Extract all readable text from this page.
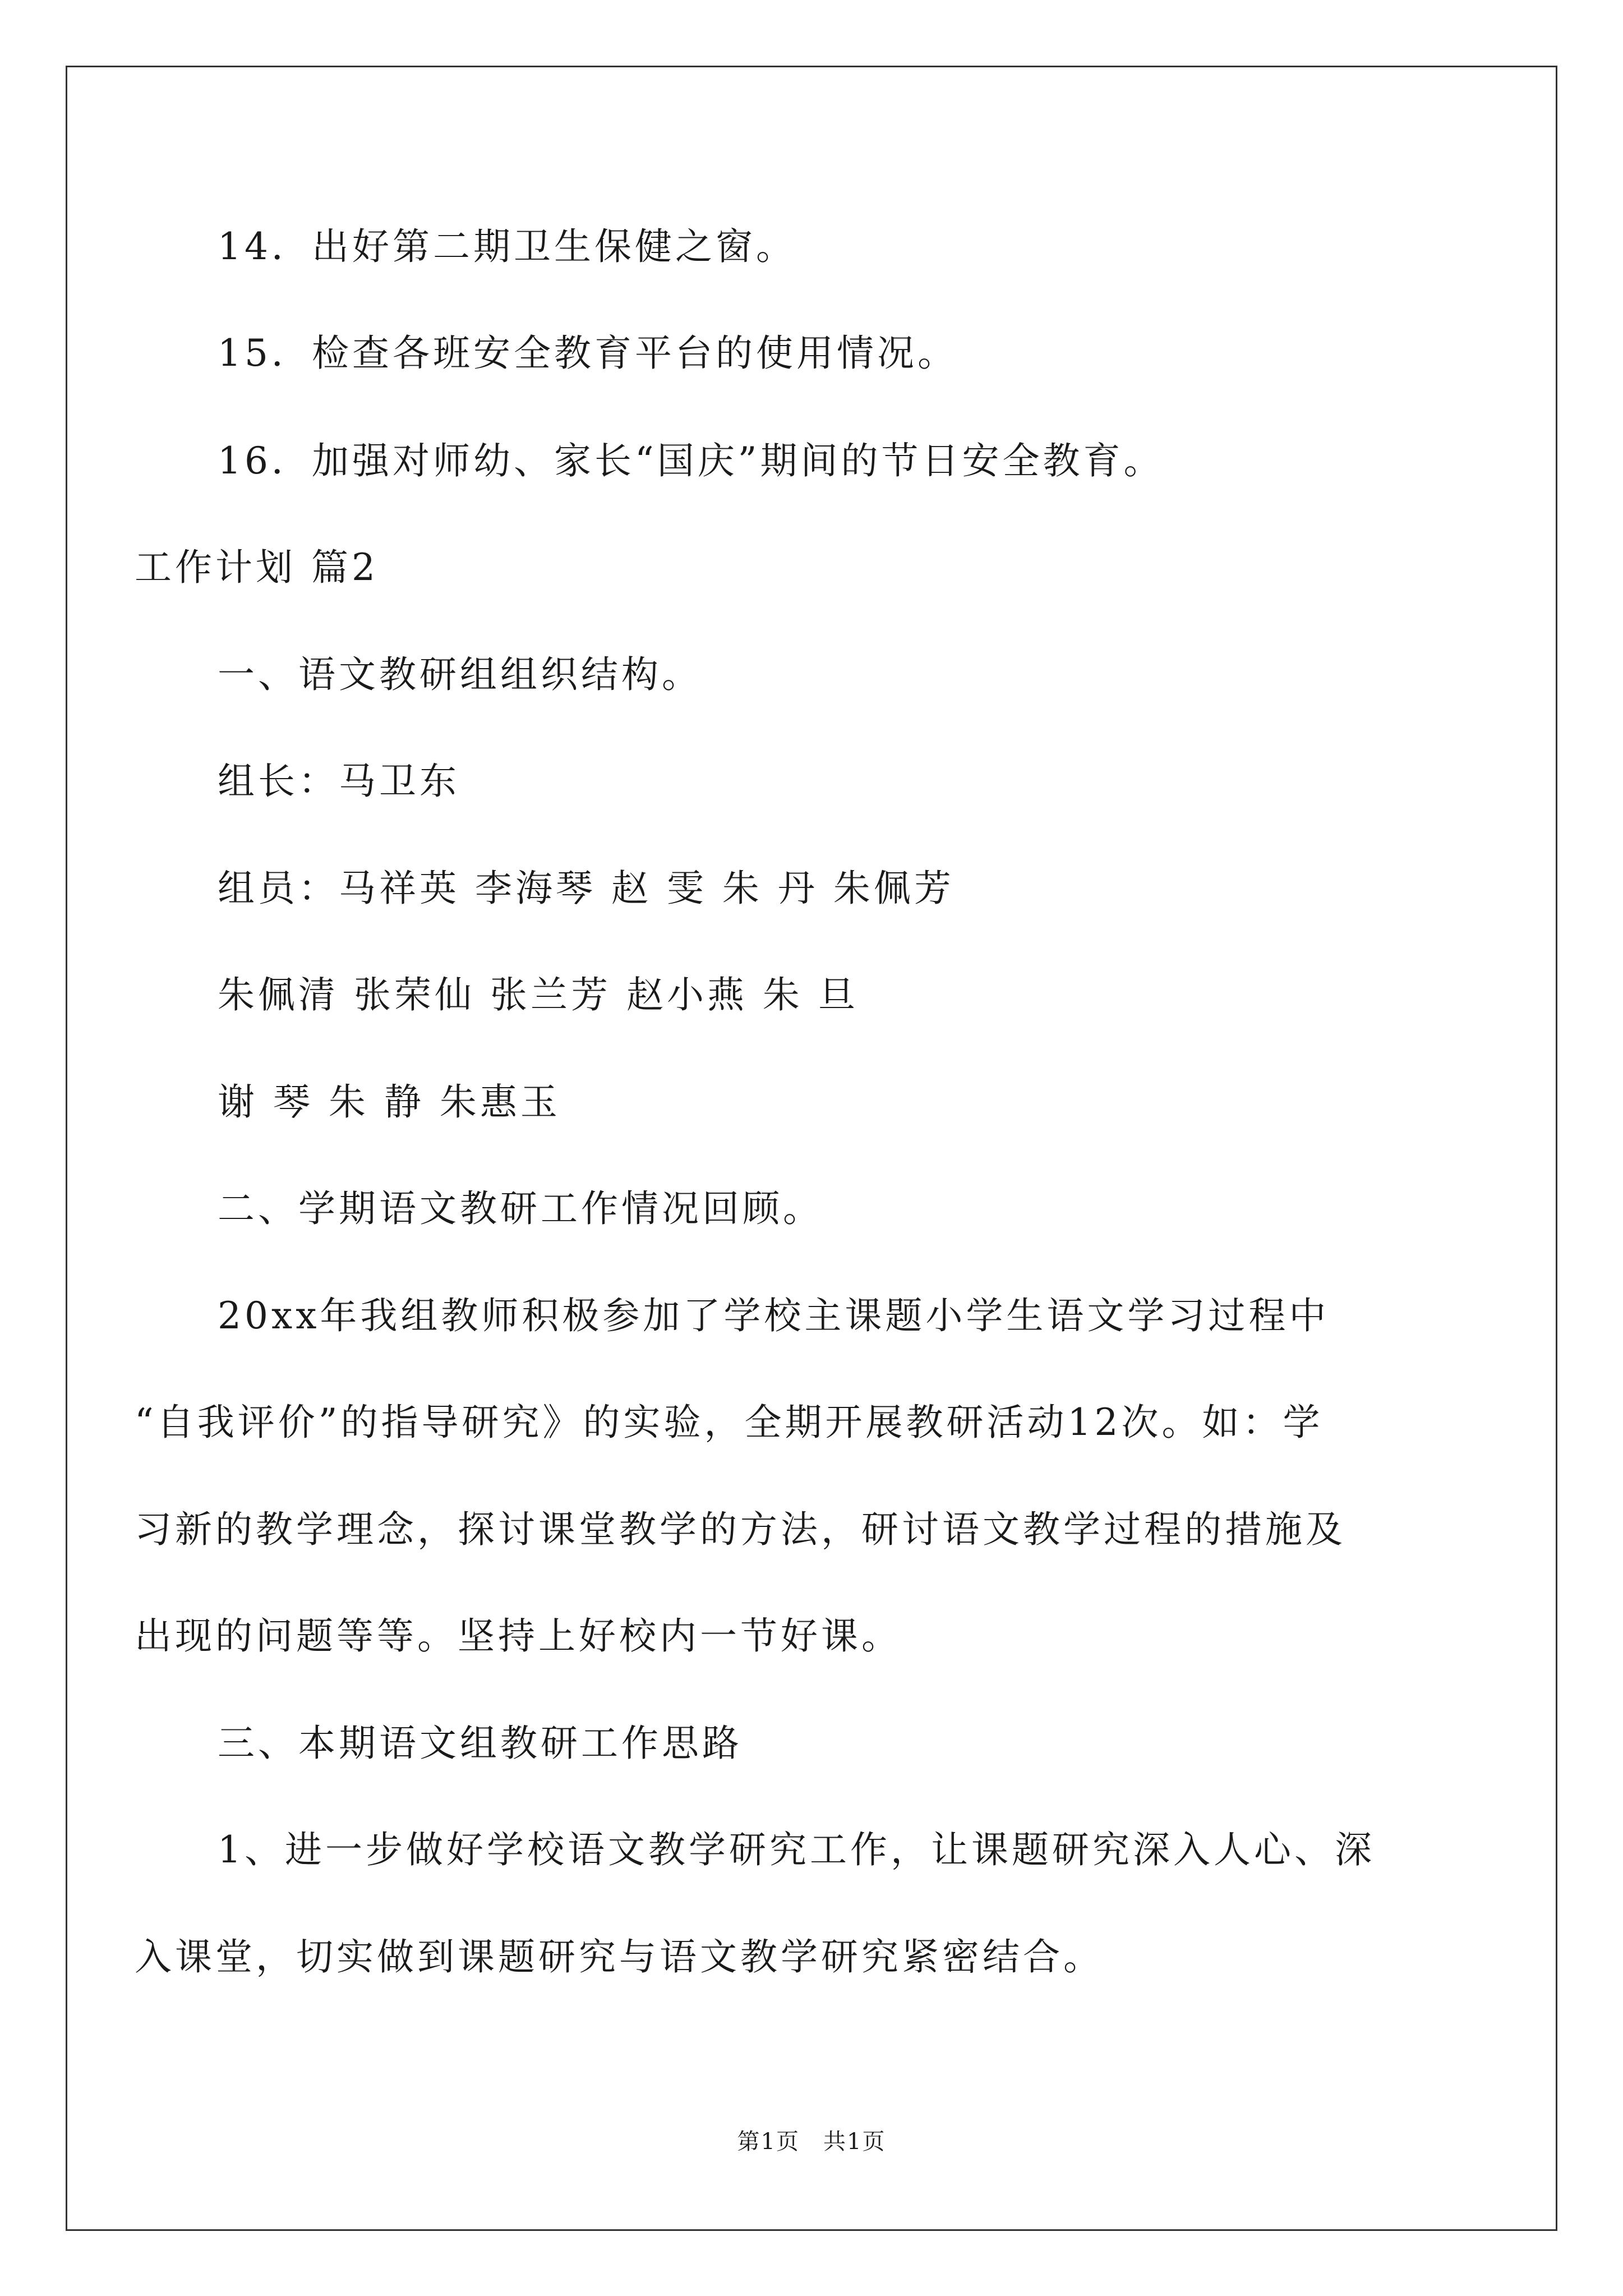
14．出好第二期卫生保健之窗。
15．检查各班安全教育平台的使用情况。
16．加强对师幼、家长“国庆”期间的节日安全教育。
工作计划 篇2
一、语文教研组组织结构。
组长：马卫东
组员：马祥英 李海琴 赵 雯 朱 丹 朱佩芳
朱佩清 张荣仙 张兰芳 赵小燕 朱 旦
谢 琴 朱 静 朱惠玉
二、学期语文教研工作情况回顾。
20xx年我组教师积极参加了学校主课题小学生语文学习过程中
“自我评价”的指导研究》的实验，全期开展教研活动12次。如：学
习新的教学理念，探讨课堂教学的方法，研讨语文教学过程的措施及
出现的问题等等。坚持上好校内一节好课。
三、本期语文组教研工作思路
1、进一步做好学校语文教学研究工作，让课题研究深入人心、深
入课堂，切实做到课题研究与语文教学研究紧密结合。
第1页　共1页
